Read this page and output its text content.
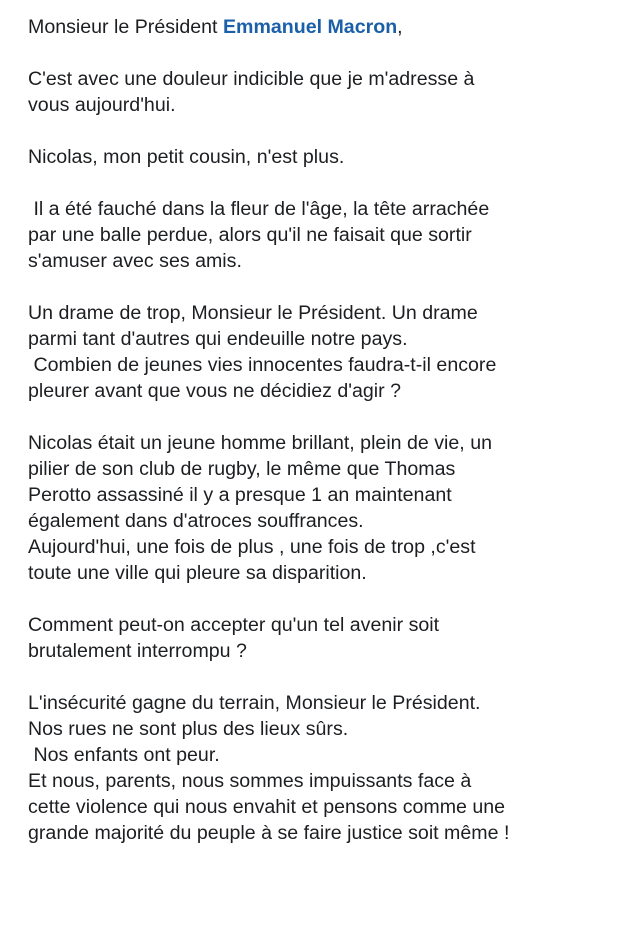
Monsieur le Président Emmanuel Macron,

C'est avec une douleur indicible que je m'adresse à
vous aujourd'hui.

Nicolas, mon petit cousin, n'est plus.

Il a été fauché dans la fleur de l'âge, la tête arrachée
par une balle perdue, alors qu'il ne faisait que sortir
s'amuser avec ses amis.

Un drame de trop, Monsieur le Président. Un drame
parmi tant d'autres qui endeuille notre pays.
Combien de jeunes vies innocentes faudra-t-il encore
pleurer avant que vous ne décidiez d'agir ?

Nicolas était un jeune homme brillant, plein de vie, un
pilier de son club de rugby, le même que Thomas
Perotto assassiné il y a presque 1 an maintenant
également dans d'atroces souffrances.
Aujourd'hui, une fois de plus , une fois de trop ,c'est
toute une ville qui pleure sa disparition.

Comment peut-on accepter qu'un tel avenir soit
brutalement interrompu ?

L'insécurité gagne du terrain, Monsieur le Président.
Nos rues ne sont plus des lieux sûrs.
Nos enfants ont peur.
Et nous, parents, nous sommes impuissants face à
cette violence qui nous envahit et pensons comme une
grande majorité du peuple à se faire justice soit même !
